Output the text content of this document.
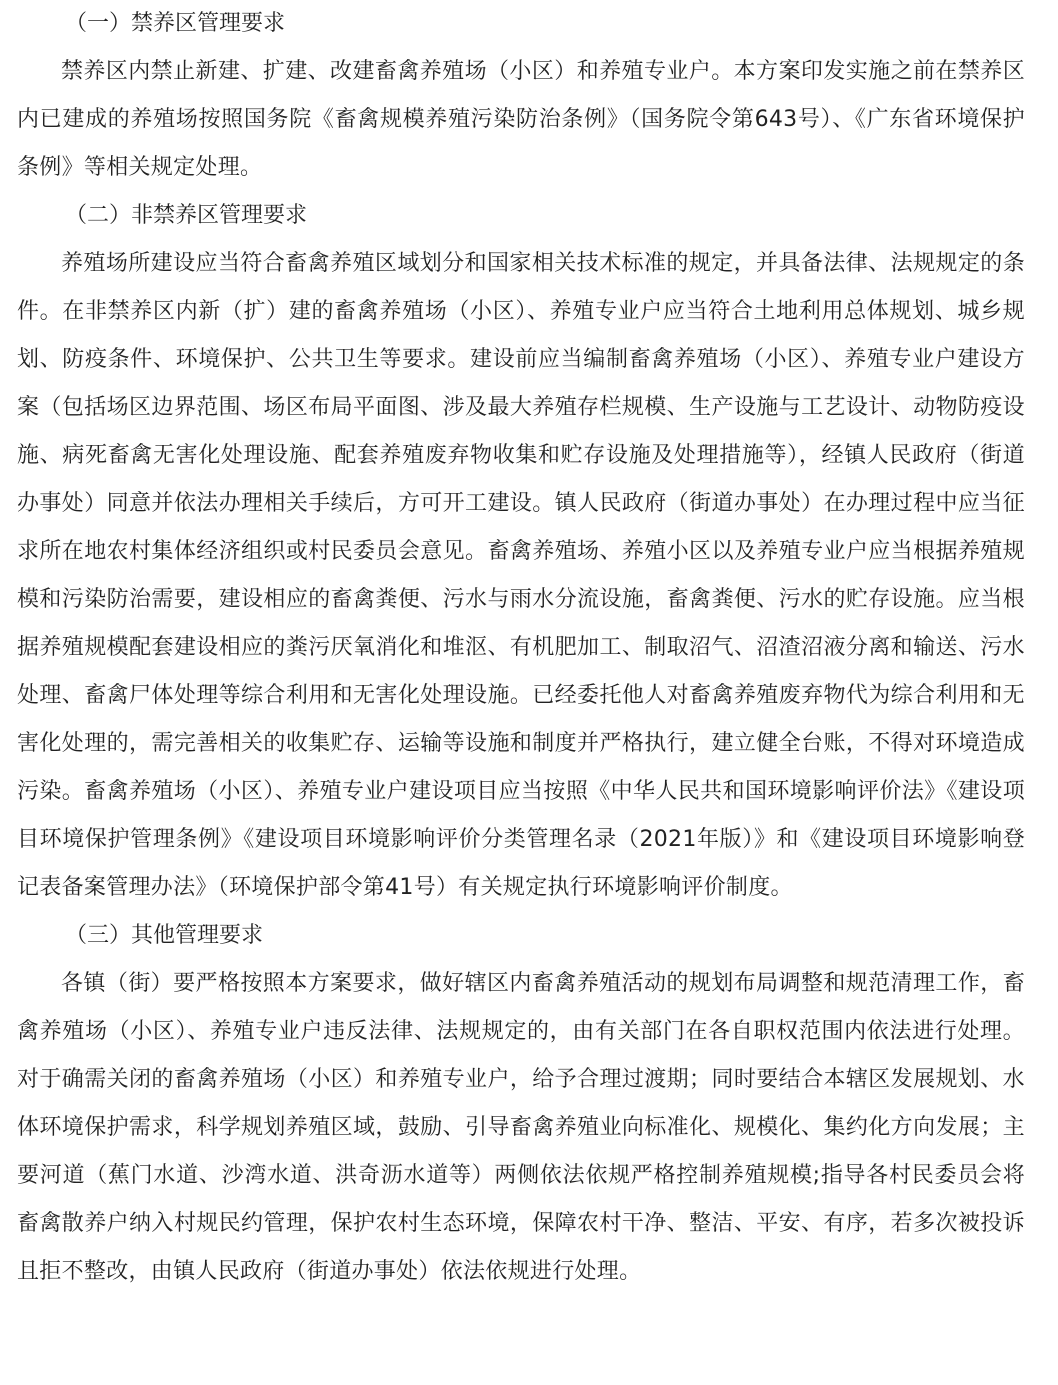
（一）禁养区管理要求

禁养区内禁止新建、扩建、改建畜禽养殖场（小区）和养殖专业户。本方案印发实施之前在禁养区内已建成的养殖场按照国务院《畜禽规模养殖污染防治条例》（国务院令第643号）、《广东省环境保护条例》等相关规定处理。

（二）非禁养区管理要求

养殖场所建设应当符合畜禽养殖区域划分和国家相关技术标准的规定，并具备法律、法规规定的条件。在非禁养区内新（扩）建的畜禽养殖场（小区）、养殖专业户应当符合土地利用总体规划、城乡规划、防疫条件、环境保护、公共卫生等要求。建设前应当编制畜禽养殖场（小区）、养殖专业户建设方案（包括场区边界范围、场区布局平面图、涉及最大养殖存栏规模、生产设施与工艺设计、动物防疫设施、病死畜禽无害化处理设施、配套养殖废弃物收集和贮存设施及处理措施等），经镇人民政府（街道办事处）同意并依法办理相关手续后，方可开工建设。镇人民政府（街道办事处）在办理过程中应当征求所在地农村集体经济组织或村民委员会意见。畜禽养殖场、养殖小区以及养殖专业户应当根据养殖规模和污染防治需要，建设相应的畜禽粪便、污水与雨水分流设施，畜禽粪便、污水的贮存设施。应当根据养殖规模配套建设相应的粪污厌氧消化和堆沤、有机肥加工、制取沼气、沼渣沼液分离和输送、污水处理、畜禽尸体处理等综合利用和无害化处理设施。已经委托他人对畜禽养殖废弃物代为综合利用和无害化处理的，需完善相关的收集贮存、运输等设施和制度并严格执行，建立健全台账，不得对环境造成污染。畜禽养殖场（小区）、养殖专业户建设项目应当按照《中华人民共和国环境影响评价法》《建设项目环境保护管理条例》《建设项目环境影响评价分类管理名录（2021年版）》和《建设项目环境影响登记表备案管理办法》（环境保护部令第41号）有关规定执行环境影响评价制度。

（三）其他管理要求

各镇（街）要严格按照本方案要求，做好辖区内畜禽养殖活动的规划布局调整和规范清理工作，畜禽养殖场（小区）、养殖专业户违反法律、法规规定的，由有关部门在各自职权范围内依法进行处理。对于确需关闭的畜禽养殖场（小区）和养殖专业户，给予合理过渡期；同时要结合本辖区发展规划、水体环境保护需求，科学规划养殖区域，鼓励、引导畜禽养殖业向标准化、规模化、集约化方向发展；主要河道（蕉门水道、沙湾水道、洪奇沥水道等）两侧依法依规严格控制养殖规模;指导各村民委员会将畜禽散养户纳入村规民约管理，保护农村生态环境，保障农村干净、整洁、平安、有序，若多次被投诉且拒不整改，由镇人民政府（街道办事处）依法依规进行处理。
